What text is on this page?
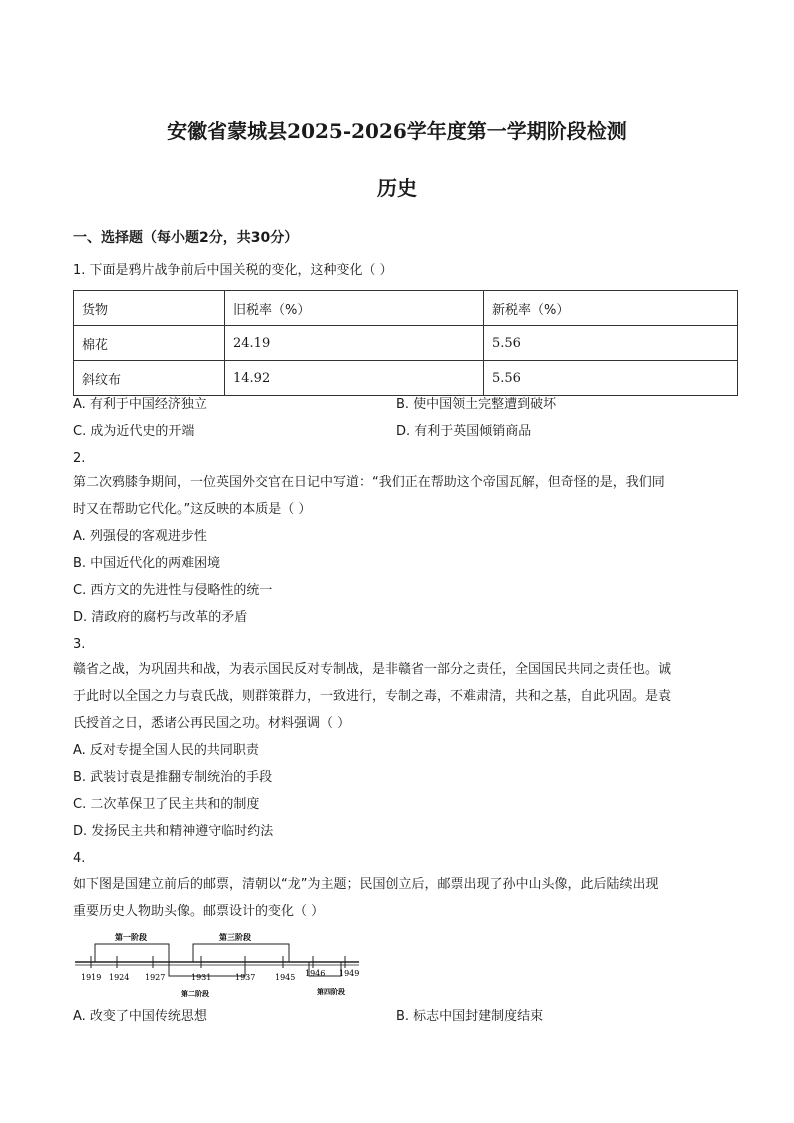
安徽省蒙城县2025-2026学年度第一学期阶段检测
历史
一、选择题（每小题2分，共30分）
1. 下面是鸦片战争前后中国关税的变化，这种变化（ ）
货物	旧税率（%）	新税率（%）
棉花	24.19	5.56
斜纹布	14.92	5.56
A. 有利于中国经济独立	B. 使中国领土完整遭到破坏
C. 成为近代史的开端	D. 有利于英国倾销商品
2.
第二次鸦膝争期间，一位英国外交官在日记中写道：“我们正在帮助这个帝国瓦解，但奇怪的是，我们同
时又在帮助它代化。”这反映的本质是（ ）
A. 列强侵的客观进步性
B. 中国近代化的两难困境
C. 西方文的先进性与侵略性的统一
D. 清政府的腐朽与改革的矛盾
3.
赣省之战，为巩固共和战，为表示国民反对专制战，是非赣省一部分之责任，全国国民共同之责任也。诚
于此时以全国之力与袁氏战，则群策群力，一致进行，专制之毒，不难肃清，共和之基，自此巩固。是袁
氏授首之日，悉诸公再民国之功。材料强调（ ）
A. 反对专提全国人民的共同职责
B. 武装讨袁是推翻专制统治的手段
C. 二次革保卫了民主共和的制度
D. 发扬民主共和精神遵守临时约法
4.
如下图是国建立前后的邮票，清朝以“龙”为主题；民国创立后，邮票出现了孙中山头像，此后陆续出现
重要历史人物助头像。邮票设计的变化（ ）
第一阶段
第二阶段
第三阶段
第四阶段
1919 1924 1927	1931	1937 1945 1946 1949
A. 改变了中国传统思想	B. 标志中国封建制度结束
